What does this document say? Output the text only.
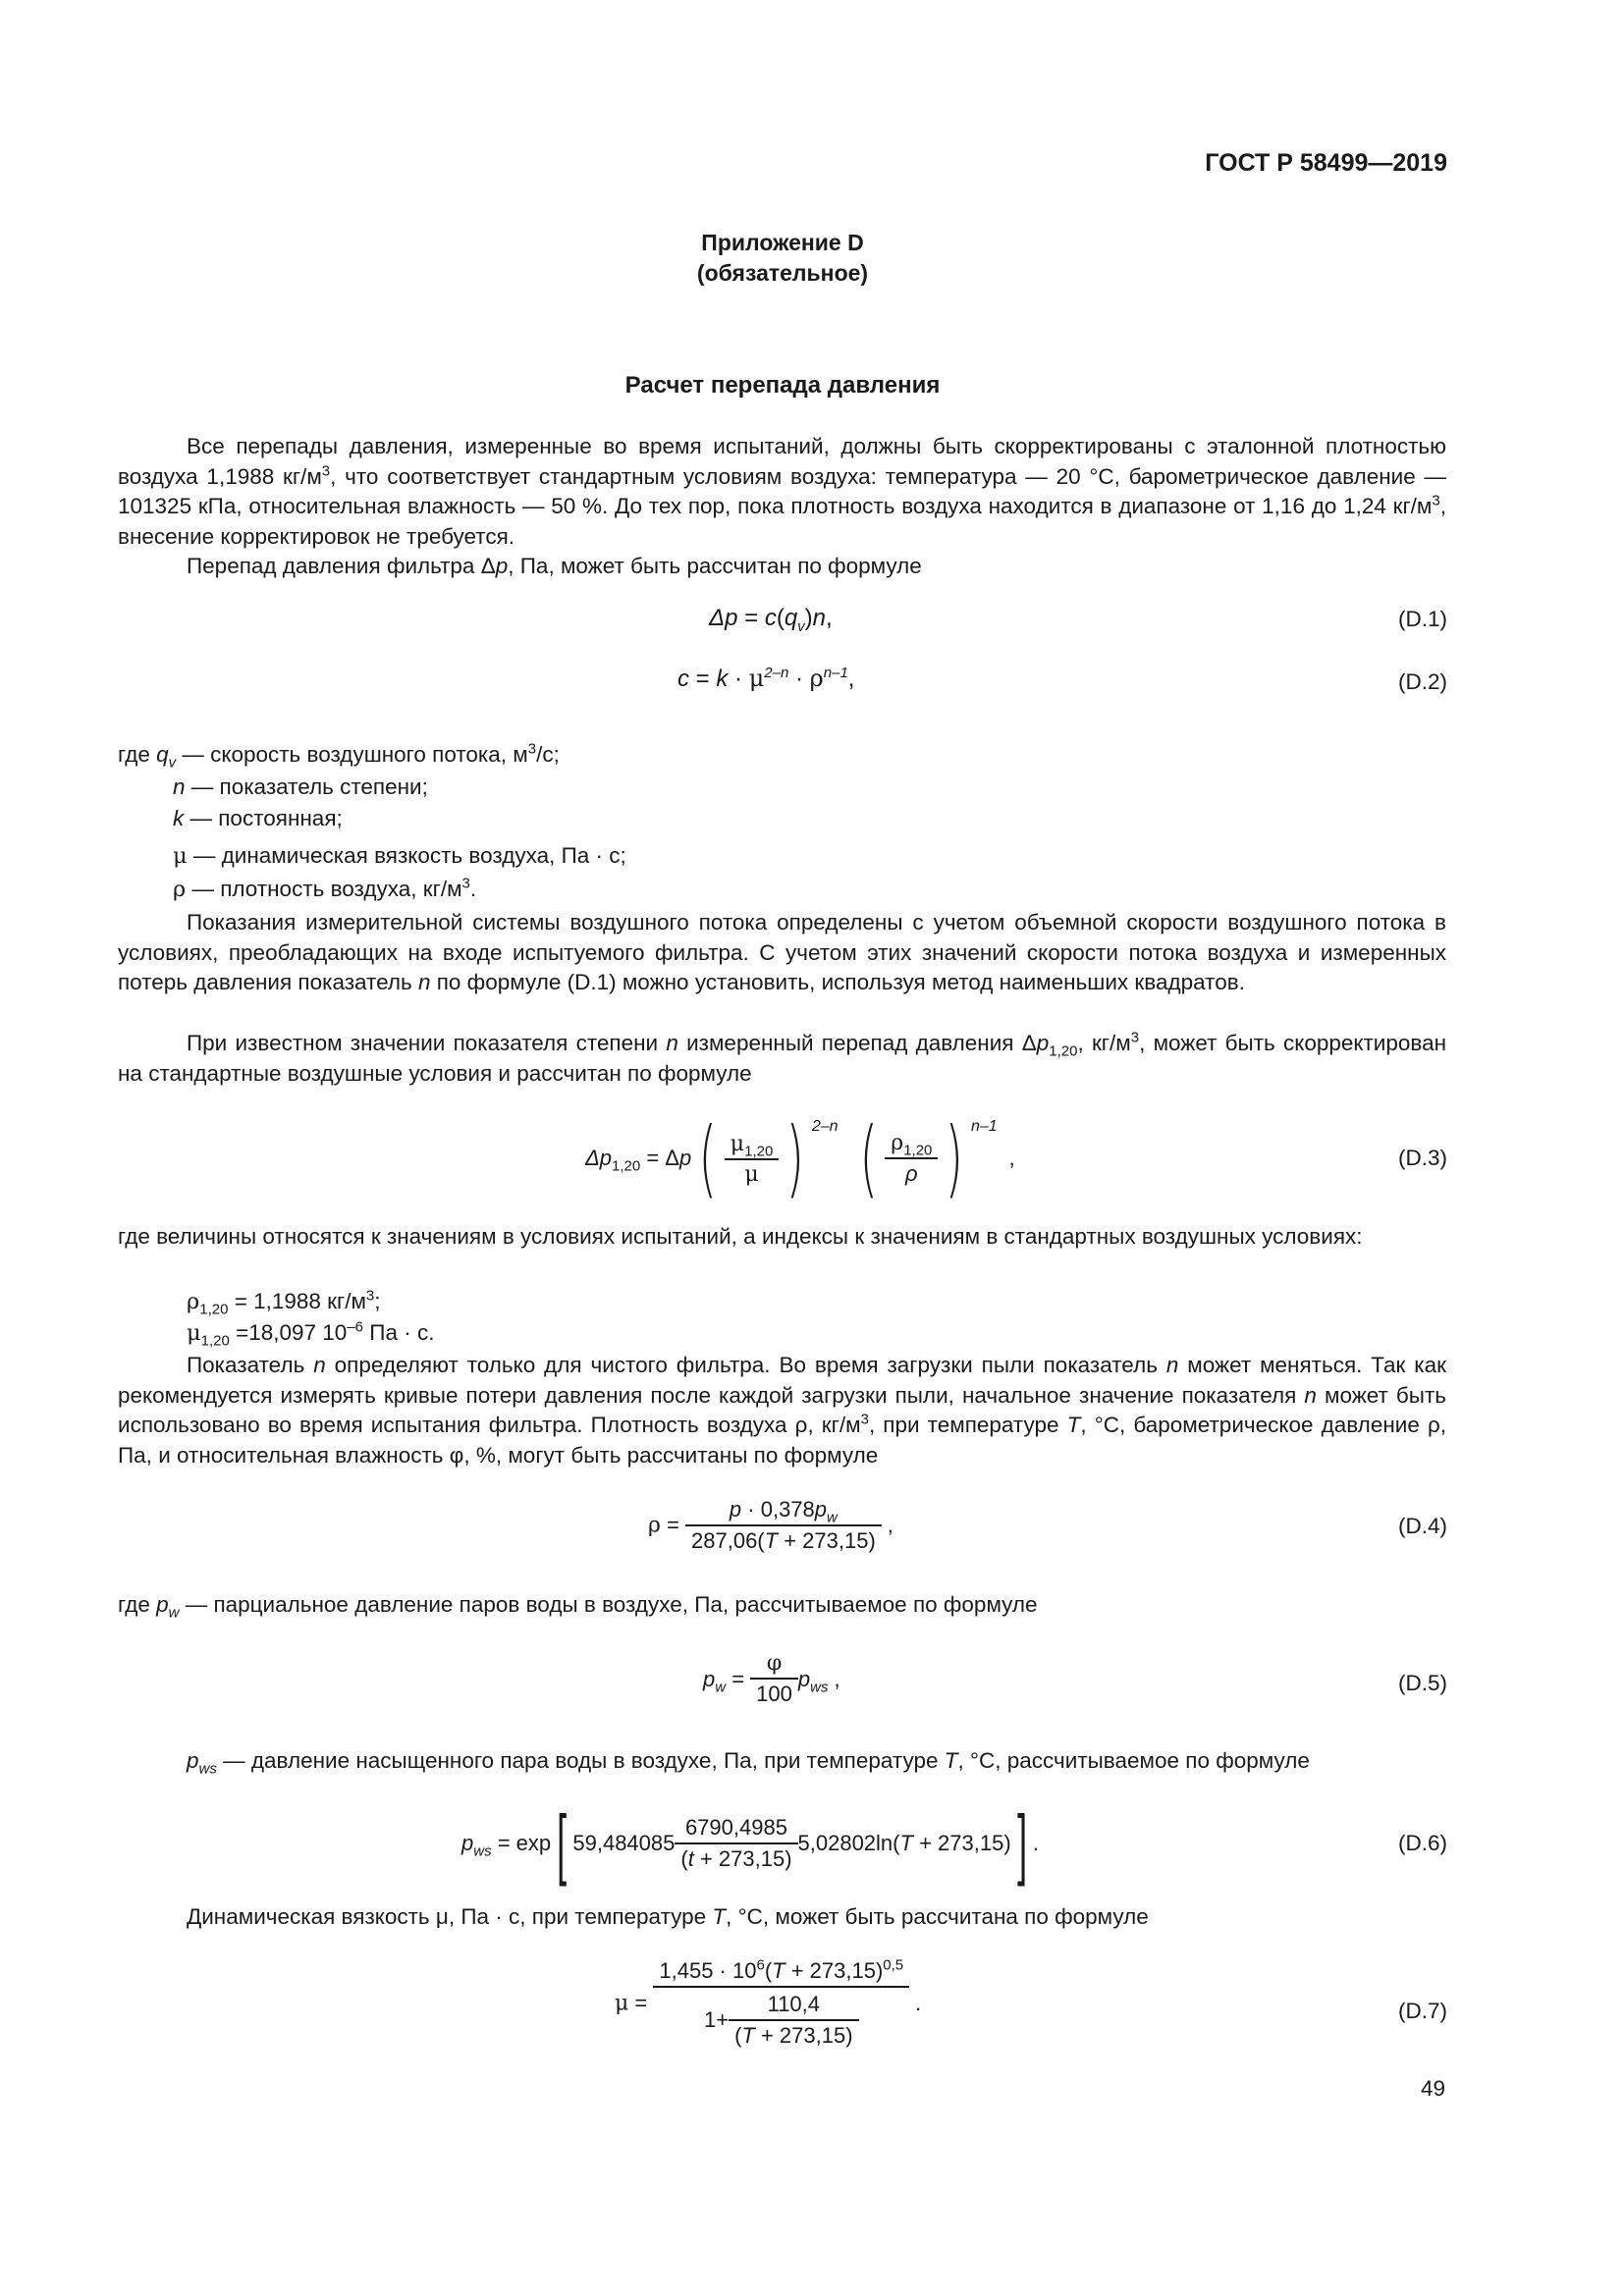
ГОСТ Р 58499—2019
Приложение D
(обязательное)
Расчет перепада давления
Все перепады давления, измеренные во время испытаний, должны быть скорректированы с эталонной плотностью воздуха 1,1988 $кг/м^3$, что соответствует стандартным условиям воздуха: температура — 20 °С, барометрическое давление — 101325 кПа, относительная влажность — 50 %. До тех пор, пока плотность воздуха находится в диапазоне от 1,16 до 1,24 $кг/м^3$, внесение корректировок не требуется.
Перепад давления фильтра Δp, Па, может быть рассчитан по формуле
$\Delta p = c(q_v)n$,	(D.1)
$c = k \cdot \mu^{2-n} \cdot \rho^{n-1}$,	(D.2)
где $q_v$ — скорость воздушного потока, $м^3/с$;
n — показатель степени;
k — постоянная;
μ — динамическая вязкость воздуха, Па · с;
ρ — плотность воздуха, $кг/м^3$.
Показания измерительной системы воздушного потока определены с учетом объемной скорости воздушного потока в условиях, преобладающих на входе испытуемого фильтра. С учетом этих значений скорости потока воздуха и измеренных потерь давления показатель n по формуле (D.1) можно установить, используя метод наименьших квадратов.
При известном значении показателя степени n измеренный перепад давления $\Delta p_{1,20}$, $кг/м^3$, может быть скорректирован на стандартные воздушные условия и рассчитан по формуле
$\Delta p_{1,20} = \Delta p( \frac{\mu_{1,20}}{\mu}$ ) $^{2-n}$ ( $\frac{\rho_{1,20}}{\rho}$ ) $^{n-1}$,	(D.3)
где величины относятся к значениям в условиях испытаний, а индексы к значениям в стандартных воздушных условиях:
$\rho_{1,20} = 1,1988$ $кг/м^3$;
$\mu_{1,20} =18,097$ $10^{-6}$ Па · с.
Показатель n определяют только для чистого фильтра. Во время загрузки пыли показатель n может меняться. Так как рекомендуется измерять кривые потери давления после каждой загрузки пыли, начальное значение показателя n может быть использовано во время испытания фильтра. Плотность воздуха ρ, $кг/м^3$, при температуре T, °С, барометрическое давление ρ, Па, и относительная влажность φ, %, могут быть рассчитаны по формуле
$\rho = \frac{p \cdot 0,378p_w}{287,06(T + 273,15)}$ ,	(D.4)
где $p_w$ — парциальное давление паров воды в воздухе, Па, рассчитываемое по формуле
$p_w = \frac{\varphi}{100} p_{ws}$ ,	(D.5)
$p_{ws}$ — давление насыщенного пара воды в воздухе, Па, при температуре T, °С, рассчитываемое по формуле
$p_{ws} = \exp$[ $59,484085 \frac{6790,4985}{(t + 273,15)} 5,02802\ln(T + 273,15)$] .	(D.6)
Динамическая вязкость μ, Па · с, при температуре T, °С, может быть рассчитана по формуле
$\mu = \frac{1,455 \cdot 10^6(T + 273,15)^{0,5}}{1+ \frac{110,4}{(T + 273,15)}}$ .	(D.7)
49
